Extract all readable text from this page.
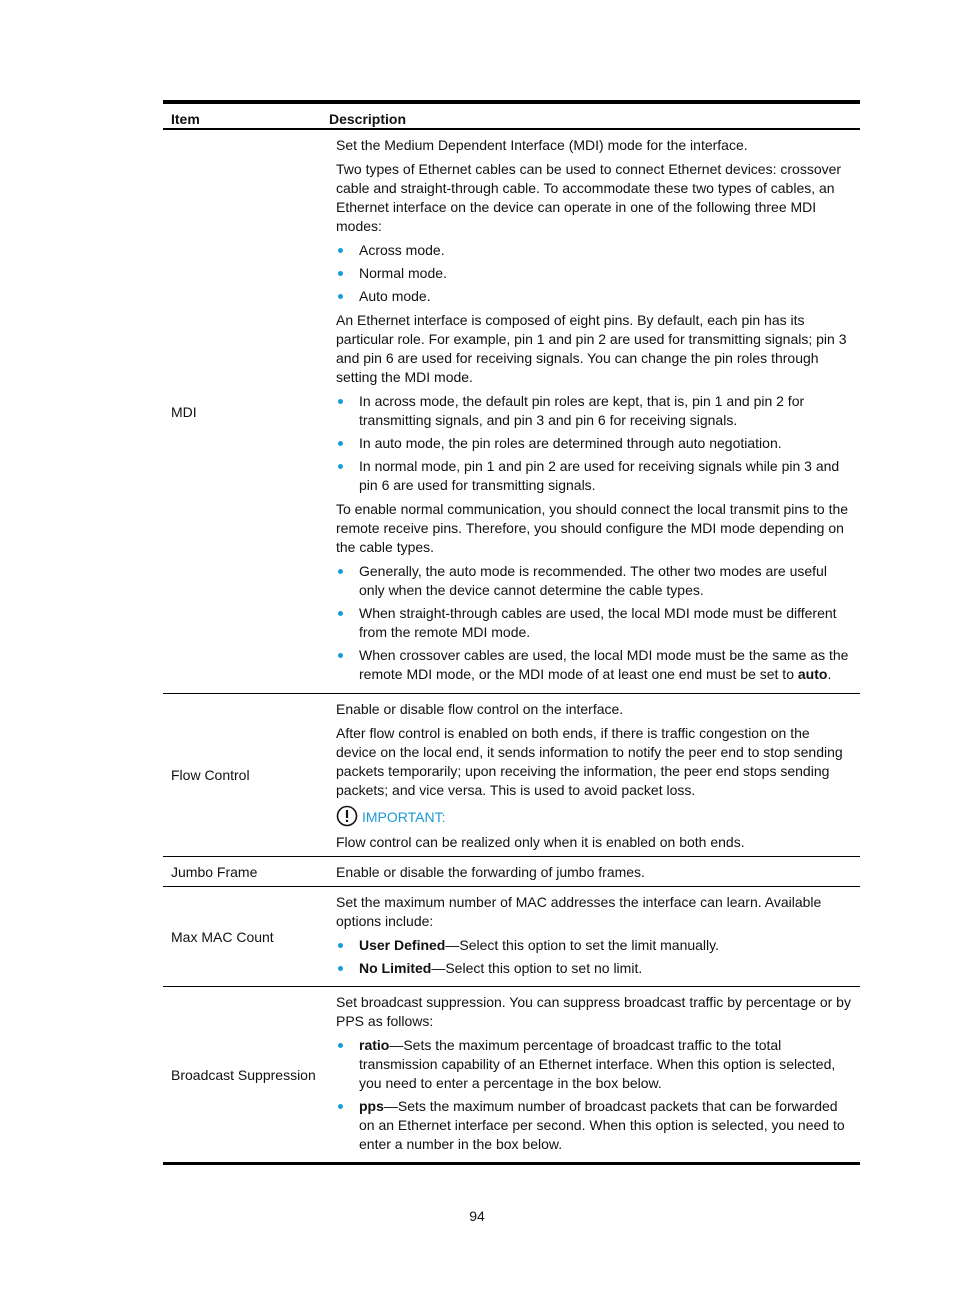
Item	Description
MDI

Set the Medium Dependent Interface (MDI) mode for the interface.

Two types of Ethernet cables can be used to connect Ethernet devices: crossover cable and straight-through cable. To accommodate these two types of cables, an Ethernet interface on the device can operate in one of the following three MDI modes:

Across mode.
Normal mode.
Auto mode.

An Ethernet interface is composed of eight pins. By default, each pin has its particular role. For example, pin 1 and pin 2 are used for transmitting signals; pin 3 and pin 6 are used for receiving signals. You can change the pin roles through setting the MDI mode.

In across mode, the default pin roles are kept, that is, pin 1 and pin 2 for transmitting signals, and pin 3 and pin 6 for receiving signals.
In auto mode, the pin roles are determined through auto negotiation.
In normal mode, pin 1 and pin 2 are used for receiving signals while pin 3 and pin 6 are used for transmitting signals.

To enable normal communication, you should connect the local transmit pins to the remote receive pins. Therefore, you should configure the MDI mode depending on the cable types.

Generally, the auto mode is recommended. The other two modes are useful only when the device cannot determine the cable types.
When straight-through cables are used, the local MDI mode must be different from the remote MDI mode.
When crossover cables are used, the local MDI mode must be the same as the remote MDI mode, or the MDI mode of at least one end must be set to auto.
Flow Control

Enable or disable flow control on the interface.

After flow control is enabled on both ends, if there is traffic congestion on the device on the local end, it sends information to notify the peer end to stop sending packets temporarily; upon receiving the information, the peer end stops sending packets; and vice versa. This is used to avoid packet loss.

IMPORTANT:

Flow control can be realized only when it is enabled on both ends.

Jumbo Frame	Enable or disable the forwarding of jumbo frames.

Max MAC Count

Set the maximum number of MAC addresses the interface can learn. Available options include:

User Defined—Select this option to set the limit manually.
No Limited—Select this option to set no limit.
Broadcast Suppression

Set broadcast suppression. You can suppress broadcast traffic by percentage or by PPS as follows:

ratio—Sets the maximum percentage of broadcast traffic to the total transmission capability of an Ethernet interface. When this option is selected, you need to enter a percentage in the box below.
pps—Sets the maximum number of broadcast packets that can be forwarded on an Ethernet interface per second. When this option is selected, you need to enter a number in the box below.
94
